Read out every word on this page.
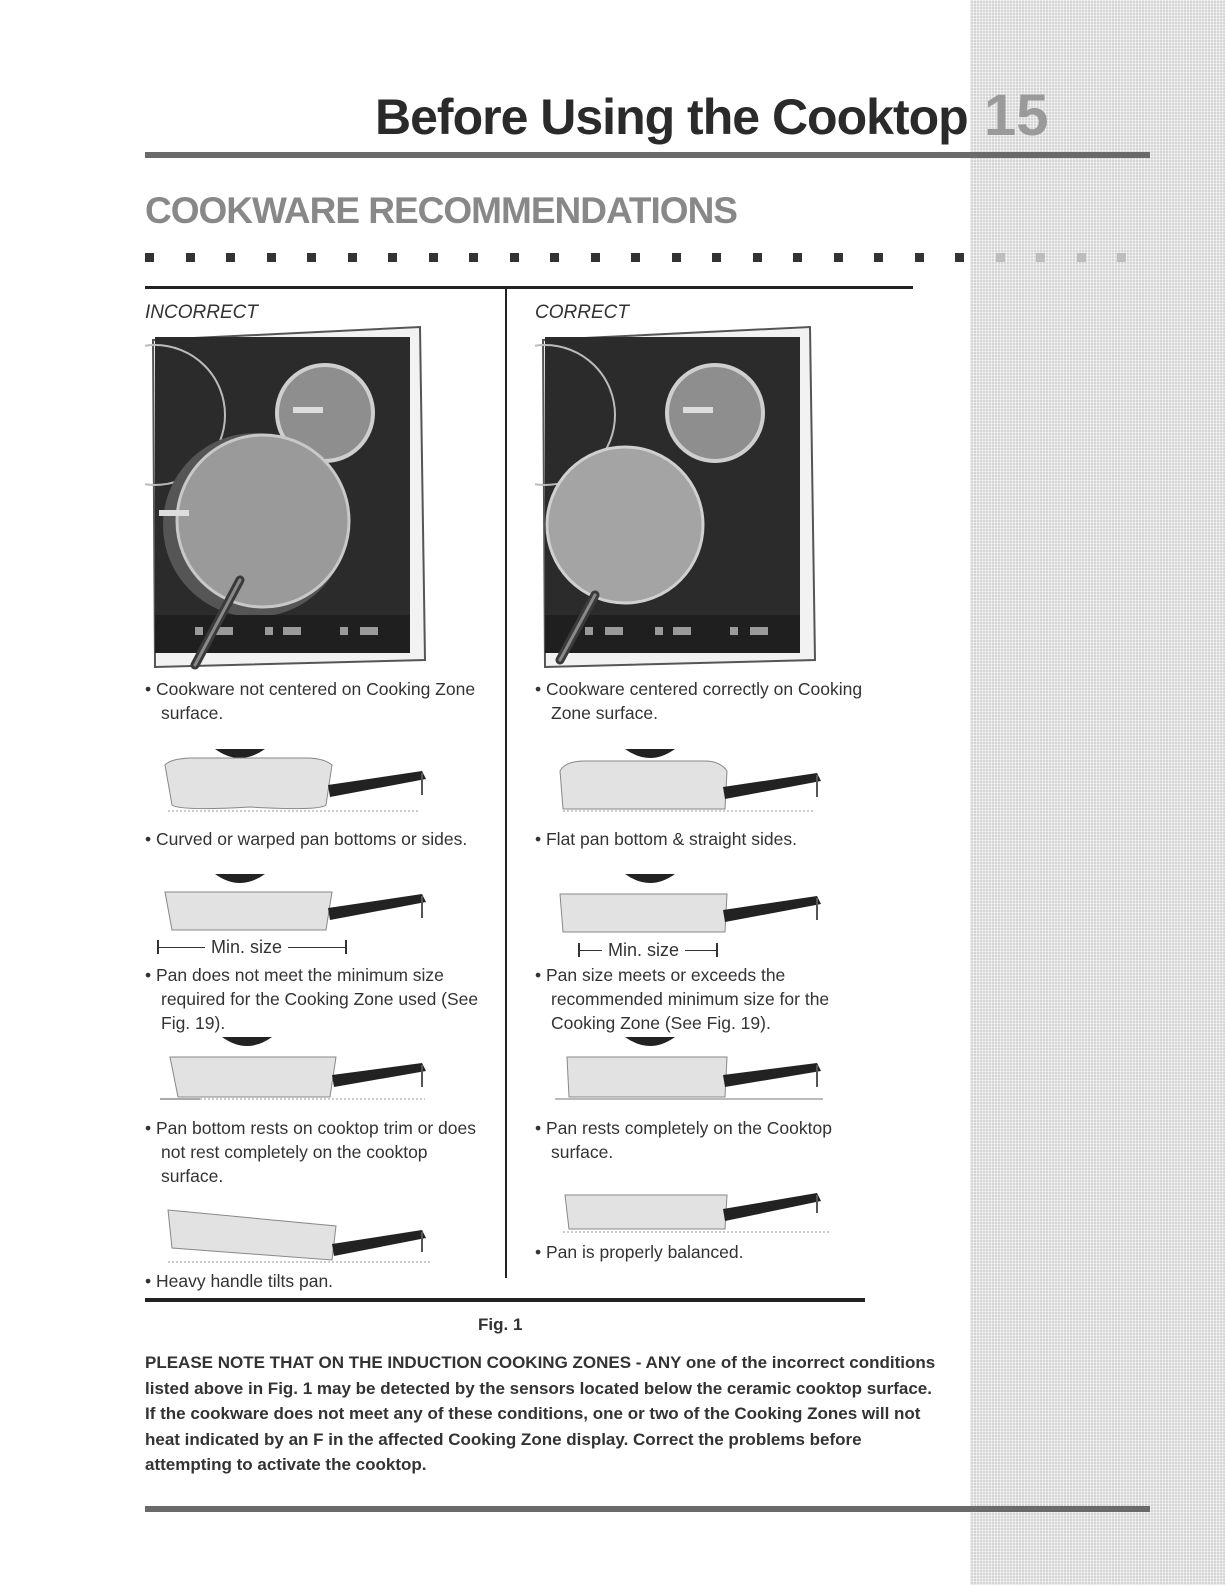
Before Using the Cooktop 15
COOKWARE RECOMMENDATIONS
INCORRECT	CORRECT
• Cookware not centered on Cooking Zone surface.
• Curved or warped pan bottoms or sides.
• Pan does not meet the minimum size required for the Cooking Zone used (See Fig. 19).
• Pan bottom rests on cooktop trim or does not rest completely on the cooktop surface.
• Heavy handle tilts pan.
• Cookware centered correctly on Cooking Zone surface.
• Flat pan bottom & straight sides.
• Pan size meets or exceeds the recommended minimum size for the Cooking Zone (See Fig. 19).
• Pan rests completely on the Cooktop surface.
• Pan is properly balanced.
Min. size	Min. size
Fig. 1
PLEASE NOTE THAT ON THE INDUCTION COOKING ZONES - ANY one of the incorrect conditions listed above in Fig. 1 may be detected by the sensors located below the ceramic cooktop surface. If the cookware does not meet any of these conditions, one or two of the Cooking Zones will not heat indicated by an F in the affected Cooking Zone display. Correct the problems before attempting to activate the cooktop.
